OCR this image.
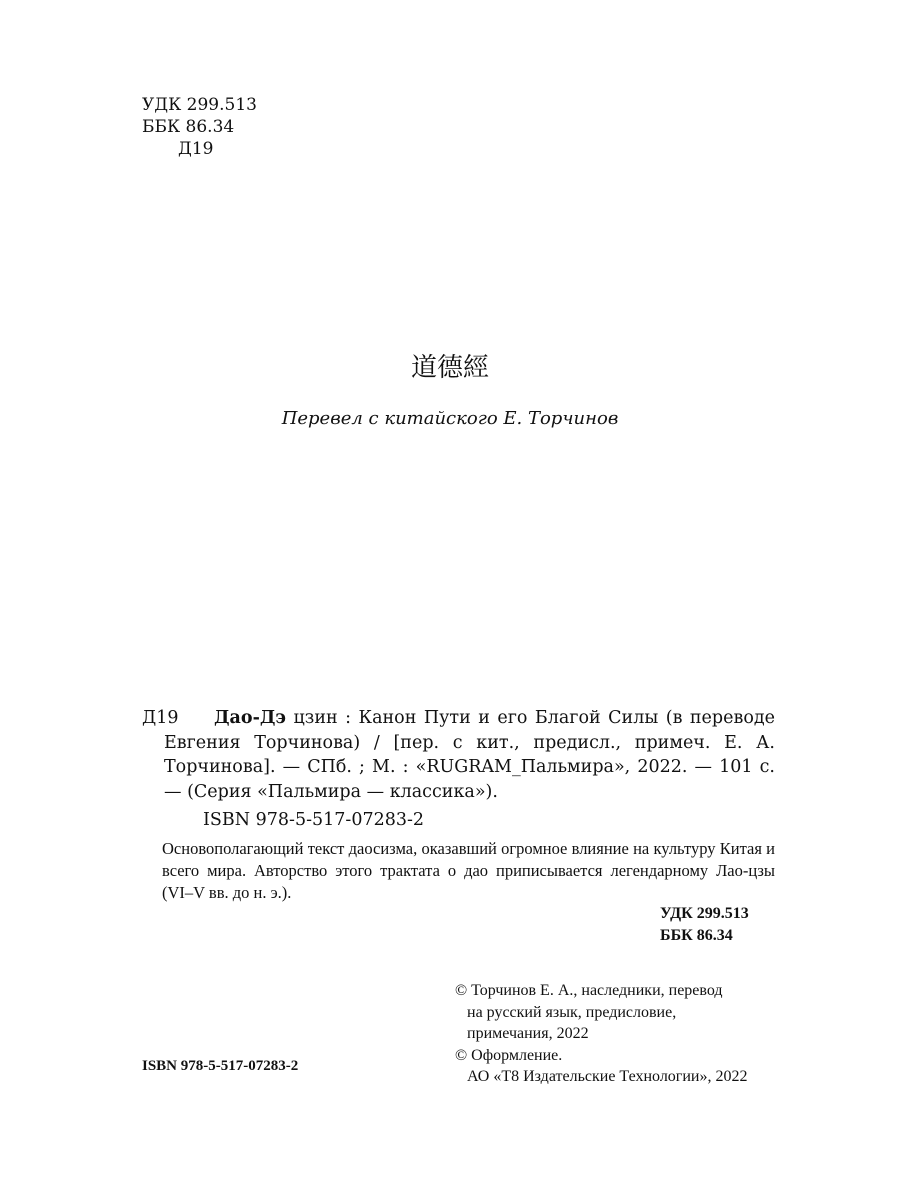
УДК 299.513
ББК 86.34
Д19
道德經
Перевел с китайского Е. Торчинов
Д19	Дао-Дэ цзин : Канон Пути и его Благой Силы (в переводе Евгения Торчинова) / [пер. с кит., предисл., примеч. Е. А. Торчинова]. — СПб. ; М. : «RUGRAM_Пальмира», 2022. — 101 с. — (Серия «Пальмира — классика»).
ISBN 978-5-517-07283-2

Основополагающий текст даосизма, оказавший огромное влияние на культуру Китая и всего мира. Авторство этого трактата о дао приписывается легендарному Лао-цзы (VI–V вв. до н. э.).

УДК 299.513
ББК 86.34
© Торчинов Е. А., наследники, перевод
на русский язык, предисловие,
примечания, 2022
© Оформление.
АО «Т8 Издательские Технологии», 2022
ISBN 978-5-517-07283-2
